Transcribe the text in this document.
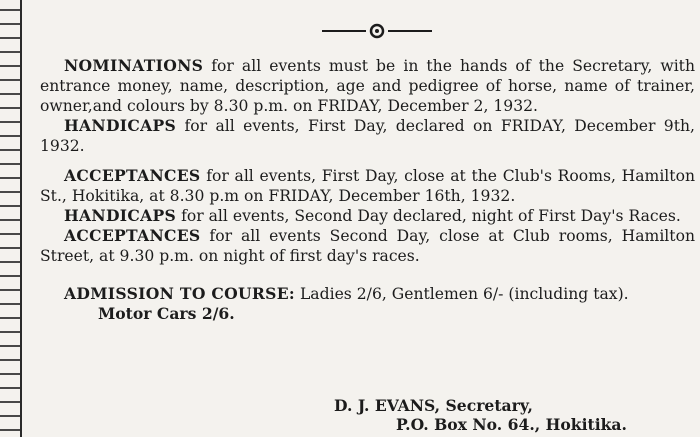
NOMINATIONS for all events must be in the hands of the Secretary, with entrance money, name, description, age and pedigree of horse, name of trainer, owner,and colours by 8.30 p.m. on FRIDAY, December 2, 1932.

HANDICAPS for all events, First Day, declared on FRIDAY, December 9th, 1932.

ACCEPTANCES for all events, First Day, close at the Club's Rooms, Hamilton St., Hokitika, at 8.30 p.m on FRIDAY, December 16th, 1932.

HANDICAPS for all events, Second Day declared, night of First Day's Races.

ACCEPTANCES for all events Second Day, close at Club rooms, Hamilton Street, at 9.30 p.m. on night of first day's races.

ADMISSION TO COURSE: Ladies 2/6, Gentlemen 6/- (including tax).

Motor Cars 2/6.

D. J. EVANS, Secretary,
P.O. Box No. 64., Hokitika.
